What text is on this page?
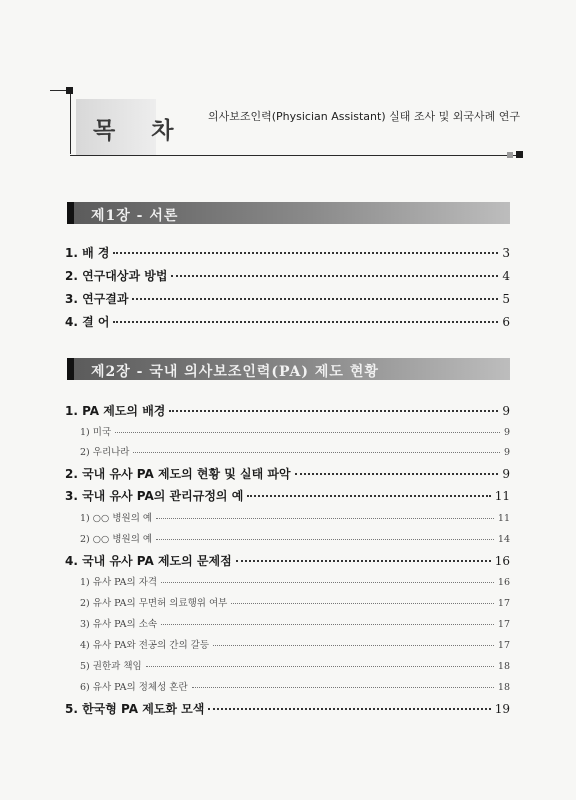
목 차
의사보조인력(Physician Assistant) 실태 조사 및 외국사례 연구
제1장 - 서론
1. 배 경	3
2. 연구대상과 방법	4
3. 연구결과	5
4. 결 어	6
제2장 - 국내 의사보조인력(PA) 제도 현황
1. PA 제도의 배경	9
1) 미국	9
2) 우리나라	9
2. 국내 유사 PA 제도의 현황 및 실태 파악	9
3. 국내 유사 PA의 관리규정의 예	11
1) ○○ 병원의 예	11
2) ○○ 병원의 예	14
4. 국내 유사 PA 제도의 문제점	16
1) 유사 PA의 자격	16
2) 유사 PA의 무면허 의료행위 여부	17
3) 유사 PA의 소속	17
4) 유사 PA와 전공의 간의 갈등	17
5) 권한과 책임	18
6) 유사 PA의 정체성 혼란	18
5. 한국형 PA 제도화 모색	19
